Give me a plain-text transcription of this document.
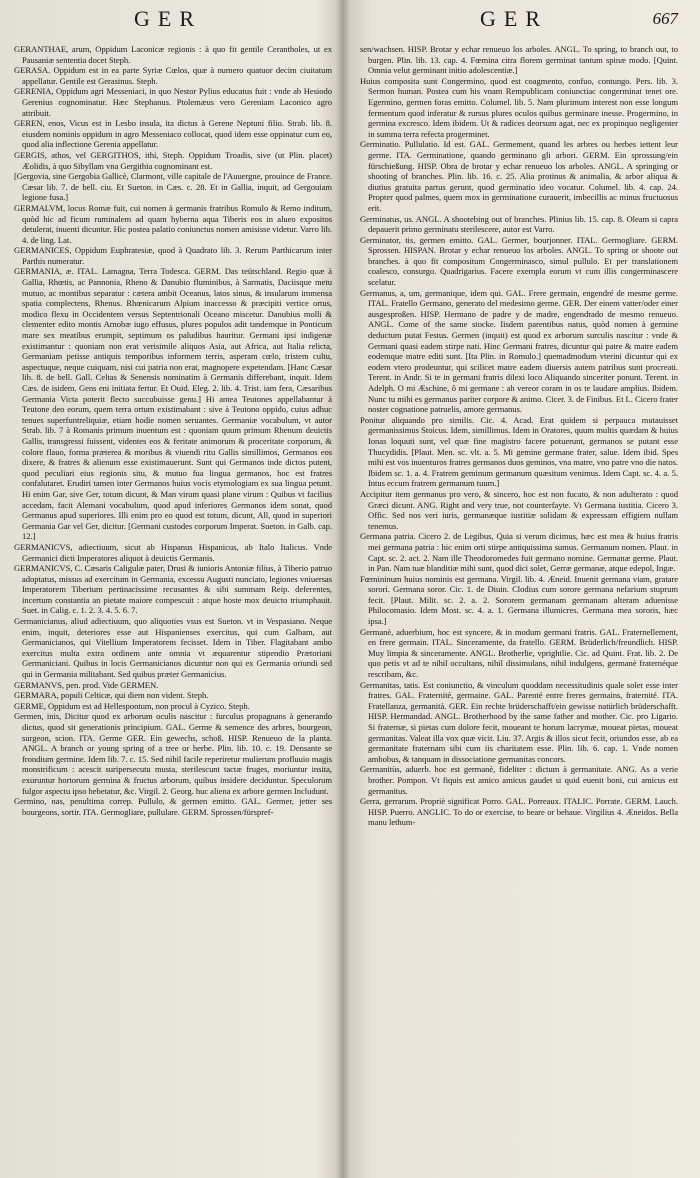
GER

GERANTHAE, arum, Oppidum Laconicæ regionis : à quo fit gentile Cerantholes, ut ex Pausaniæ sententia docet Steph.

GERASA. Oppidum est in ea parte Syriæ Cœlos, quæ à numero quatuor decim ciuitatum appellatur. Gentile est Gerasinus. Steph.

GERENIA, Oppidum agri Messeniaci, in quo Nestor Pylius educatus fuit : vnde ab Hesiodo Gerenius cognominatur. Hæc Stephanus. Ptolemæus vero Gereniam Laconico agro attribuit.

GEREN, enos, Vicus est in Lesbo insula, ita dictus à Gerene Neptuni filio. Strab. lib. 8. eiusdem nominis oppidum in agro Messeniaco collocat, quod idem esse oppinatur cum eo, quod alia inflectione Gerenia appellatur.

GERGIS, athos, vel GERGITHOS, ithi, Steph. Oppidum Troadis, sive (ut Plin. placet) Æolidis, à quo Sibyllam vna Gergithia cognominant est.

[Gergovia, sine Gergobia Gallicè, Clarmont, ville capitale de l'Auuergne, prouince de France. Cæsar lib. 7. de bell. ciu. Et Sueton. in Cæs. c. 28. Et in Gallia, inquit, ad Gergouiam legione fusa.]

GERMALVM, locus Romæ fuit, cui nomen à germanis fratribus Romulo & Remo inditum, quòd hic ad ficum ruminalem ad quam hyberna aqua Tiberis eos in alueo expositos detulerat, inuenti dicuntur. Hic postea palatio coniunctus nomen amisisse videtur. Varro lib. 4. de ling. Lat.

GERMANICES, Oppidum Euphratesiæ, quod à Quadrato lib. 3. Rerum Parthicarum inter Parthis numeratur.

GERMANIA, æ. ITAL. Lamagna, Terra Todesca. GERM. Das teütschland. Regio quæ à Gallia, Rhœtis, ac Pannonia, Rheno & Danubio fluminibus, à Sarmatis, Daciisque metu mutuo, ac montibus separatur : cætera ambit Oceanus, latos sinus, & insularum immensa spatia complectens, Rhenus. Rhœnicarum Alpium inaccesso & præcipiti vertice ortus, modico flexu in Occidentem versus Septentrionali Oceano miscetur. Danubius molli & clementer edito montis Arnobæ iugo effusus, plures populos adit tandemque in Ponticum mare sex meatibus erumpit, septimum os paludibus hauritur. Germani ipsi indigenæ existimantur : quoniam non erat verisimile aliquos Asia, aut Africa, aut Italia relicta, Germaniam petisse antiquis temporibus informem terris, asperam cœlo, tristem cultu, aspectuque, neque cuiquam, nisi cui patria non erat, magnopere expetendam. [Hanc Cæsar lib. 8. de bell. Gall. Celtas & Senensis nominatim à Germanis differebant, inquit. Idem Cæs. de isidem. Gens eni initiata fertur. Et Ouid. Eleg. 2. lib. 4. Trist. iam fera, Cæsaribus Germania Victa poterit flecto succubuisse genu.] Hi antea Teutones appellabantur à Teutone deo eorum, quem terra ortum existimabant : sive à Teutono oppido, cuius adhuc tenues superfuntreliquiæ, etiam hodie nomen seruantes. Germaniæ vocabulum, vt autor Strab. lib. 7 à Romanis primum inuentum est : quoniam quum primum Rhenum deuictis Gallis, transgressi fuissent, videntes eos & feritate animorum & proceritate corporum, & colore flauo, forma præterea & moribus & viuendi ritu Gallis simillimos, Germanos eos dixere, & fratres & alienum esse existimauerunt. Sunt qui Germanos inde dictos putent, quod peculiari eius regionis situ, & mutuo fua lingua germanos, hoc est fratres confalutaret. Erudiri tamen inter Germanos huius vocis etymologiam ex sua lingua petunt. Hi enim Gar, sive Ger, totum dicunt, & Man virum quasi plane virum : Quibus vt facilius accedam, facit Alemani vocabulum, quod apud inferiores Germanos idem sonat, quod Germanus apud superiores. Illi enim pro eo quod est totum, dicunt, All, quod in superiori Germania Gar vel Ger, dicitur. [Germani custodes corporum Imperat. Sueton. in Galb. cap. 12.]

GERMANICVS, adiectiuum, sicut ab Hispanus Hispanicus, ab Italo Italicus. Vnde Germanici dicti Imperatores aliquot à deuictis Germanis.

GERMANICVS, C. Cæsaris Caligulæ pater, Drusi & iunioris Antoniæ filius, à Tiberio patruo adoptatus, missus ad exercitum in Germania, excessu Augusti nunciato, legiones vniuersas Imperatorem Tiberium pertinacissime recusantes & sibi summam Reip. deferentes, incertum constantia an pietate maiore compescuit : atque hoste mox deuicto triumphauit. Suet. in Calig. c. 1. 2. 3. 4. 5. 6. 7.

Germanicianus, aliud adiectiuum, quo aliquoties vsus est Sueton. vt in Vespasiano. Neque enim, inquit, deteriores esse aut Hispanienses exercitus, qui cum Galbam, aut Germanicianos, qui Vitellium Imperatorem fecisset. Idem in Tiber. Flagitabant ambo exercitus multa extra ordinem ante omnia vt æquarentur stipendio Prætoriani Germaniciani. Quibus in locis Germanicianos dicuntur non qui ex Germania oriundi sed qui in Germania militabant. Sed quibus præter Germanicius.

GERMANVS, pen. prod. Vide GERMEN.

GERMARA, populi Celticæ, qui diem non vident. Steph.

GERME, Oppidum est ad Hellespontum, non procul à Cyzico. Steph.

Germen, inis, Dicitur quod ex arborum oculis nascitur : furculus propagnans à generando dictus, quod sit generationis principium. GAL. Germe & semence des arbres, bourgeon, surgeon, scion. ITA. Germe GER. Ein gewechs, schoß. HISP. Renueuo de la planta. ANGL. A branch or young spring of a tree or herbe. Plin. lib. 10. c. 19. Densante se frondium germine. Idem lib. 7. c. 15. Sed nihil facile reperiretur mulierum profluuio magis monstrificum : acescit suripersecutu musta, sterilescunt tactæ fruges, moriuntur insita, exuruntur hortorum germina & fructus arborum, quibus insidere deciduntur. Speculorum fulgor aspectu ipso hebetatur, &c. Virgil. 2. Georg. huc aliena ex arbore germen Includunt.

Germino, nas, penultima correp. Pullulo, & germen emitto. GAL. Germer, jetter ses bourgeons, sortir. ITA. Germogliare, pullulare. GERM. Sprossen/fürspref-

GER	667

sen/wachsen. HISP. Brotar y echar renueuo los arboles. ANGL. To spring, to branch out, to burgen. Plin. lib. 13. cap. 4. Fœmina citra florem germinat tantum spinæ modo. [Quint. Omnia velut germinant initio adolescentiæ.]

Huius composita sunt Congermino, quod est coagmento, confuo, contungo. Pers. lib. 3. Sermon human. Postea cum his vnam Rempublicam coniunctiac congerminat tenet ore. Egermino, germen foras emitto. Columel. lib. 5. Nam plurimum interest non esse longum fermentum quod inferatur & rursus plures oculos quibus germinare inesse. Progermino, in germina excresco. Idem ibidem. Ut & radices deorsum agat, nec ex propinquo negligenter in summa terra refecta progerminet.

Germinatio. Pullulatio. Id est. GAL. Germement, quand les arbres ou herbes iettent leur germe. ITA. Germinatione, quando germinano gli arbori. GERM. Ein sprossung/ein fürschießung. HISP. Obra de brotar y echar renueuo los arboles. ANGL. A springing or shooting of branches. Plin. lib. 16. c. 25. Alia protinus & animalia, & arbor aliqua & diutius gratuita partus gerunt, quod germinatio ideo vocatur. Columel. lib. 4. cap. 24. Propter quod palmes, quem mox in germinatione curauerit, imbecillis ac minus fructuosus erit.

Germinatus, us. ANGL. A shootebing out of branches. Plinius lib. 15. cap. 8. Oleam si capra depauerit primo germinatu sterilescere, autor est Varro.

Germinator, tis, germen emitto. GAL. Germer, bourjonner. ITAL. Germogliare. GERM. Sprossen. HISPAN. Brotar y echar renueuo los arboles. ANGL. To spring or shoote out branches. à quo fit compositum Congerminasco, simul pullulo. Et per translationem coalesco, consurgo. Quadrigarius. Facere exempla eorum vt cum illis congerminascere scelatur.

Germanus, a, um, germanique, idem qui. GAL. Frere germain, engendré de mesme germe. ITAL. Fratello Germano, generato del medesimo germe. GER. Der einem vatter/oder einer ausgesproßen. HISP. Hermano de padre y de madre, engendrado de mesmo renueuo. ANGL. Come of the same stocke. Iisdem parentibus natus, quòd nomen à germine deductum putat Festus. Germen (inquit) est quod ex arborum surculis nascitur : vnde & Germani quasi eadem stirpe nati. Hinc Germani fratres, dicuntur qui patre & matre eadem eodemque matre editi sunt. [Ita Plin. in Romulo.] quemadmodum vterini dicuntur qui ex eodem vtero prodeuntur, qui scilicet matre eadem diuersis autem patribus sunt procreati. Terent. in Andr. Si te in germani fratris dilexi loco Aliquando sinceriter ponunt. Terent. in Adelph. O mi Æschine, ô mi germane : ah vereor coram in os te laudare amplius. Ibidem. Nunc tu mihi es germanus pariter corpore & animo. Cicer. 3. de Finibus. Et L. Cicero frater noster cognatione patruelis, amore germanus.

Ponitur aliquando pro similis. Cic. 4. Acad. Erat quidem si perpauca mutauisset germanissimus Stoicus. Idem, simillimus. Idem in Oratores, quum multis quædam & huius Ionas loquuti sunt, vel quæ fine magistro facere potuerunt, germanos se putant esse Thucydidis. [Plaut. Men. sc. vlt. a. 5. Mi gemine germane frater, salue. Idem ibid. Spes mihi est vos inuenturos fratres germanos duos geminos, vna matre, vno patre vno die natos. Ibidem sc. 1. a. 4. Fratrem geminum germanum quæsitum venimus. Idem Capt. sc. 4. a. 5. Intus eccum fratrem germanum tuum.]

Accipitur item germanus pro vero, & sincero, hoc est non fucato, & non adulterato : quod Græci dicunt. ANG. Right and very true, not counterfayte. Vt Germana iustitia. Cicero 3. Offic. Sed nos veri iuris, germanæque iustitiæ solidam & expressam effigiem nullam tenemus.

Germana patria. Cicero 2. de Legibus, Quia si verum dicimus, hæc est mea & huius fratris mei germana patria : hic enim orti stirpe antiquissima sumus. Germanum nomen. Plaut. in Capt. sc. 2. act. 2. Nam ille Theodoromedes fuit germano nomine. Germanæ germe. Plaut. in Pan. Nam tuæ blanditiæ mihi sunt, quod dici solet, Gerræ germanæ, atque edepol, Ingæ.

Fœmininum huius nominis est germana. Virgil. lib. 4. Æneid. Inuenit germana viam, gratare sorori. Germana soror. Cic. 1. de Diuin. Clodius cum sorore germana nefarium stuprum fecit. [Plaut. Milit. sc. 2. a. 2. Sororem germanam germanam alteram aduenisse Philocomasio. Idem Most. sc. 4. a. 1. Germana illumicres. Germana mea sororis, hæc ipsa.]

Germanè, aduerbium, hoc est syncere, & in modum germani fratris. GAL. Fraternellement, en frere germain. ITAL. Sinceramente, da fratello. GERM. Brüderlich/freundlich. HISP. Muy limpia & sinceramente. ANGL. Brotherlie, vprightlie. Cic. ad Quint. Frat. lib. 2. De quo petis vt ad te nihil occultans, nihil dissimulans, nihil indulgens, germanè fraternéque rescribam, &c.

Germanitas, tatis. Est coniunctio, & vinculum quoddam necessitudinis quale solet esse inter fratres. GAL. Fraternité, germaine. GAL. Parenté entre freres germains, fraternité. ITA. Fratellanza, germanità. GER. Ein rechte brüderschafft/ein gewisse natürlich brüderschafft. HISP. Hermandad. ANGL. Brotherhood by the same father and mother. Cic. pro Ligario. Si fraternæ, si pietas cum dolore fecit, moueant te horum lacrymæ, moueat pietas, moueat germanitas. Valeat illa vox quæ vicit. Liu. 37. Argis & illos sicut fecit, oriundos esse, ab ea germanitate fraternam sibi cum iis charitatem esse. Plin. lib. 6. cap. 1. Vnde nomen ambobus, & tanquam in dissociatione germanitas concors.

Germanitùs, aduerb. hoc est germanè, fideliter : dictum à germanitate. ANG. As a verie brother. Pompon. Vt fiquis est amico amicus gaudet si quid euenit boni, cui amicus est germanitus.

Gerra, gerrarum. Propriè significat Porro. GAL. Porreaux. ITALIC. Porrate. GERM. Lauch. HISP. Puerro. ANGLIC. To do or exercise, to beare or behaue. Virgilius 4. Æneidos. Bella manu lethum-
